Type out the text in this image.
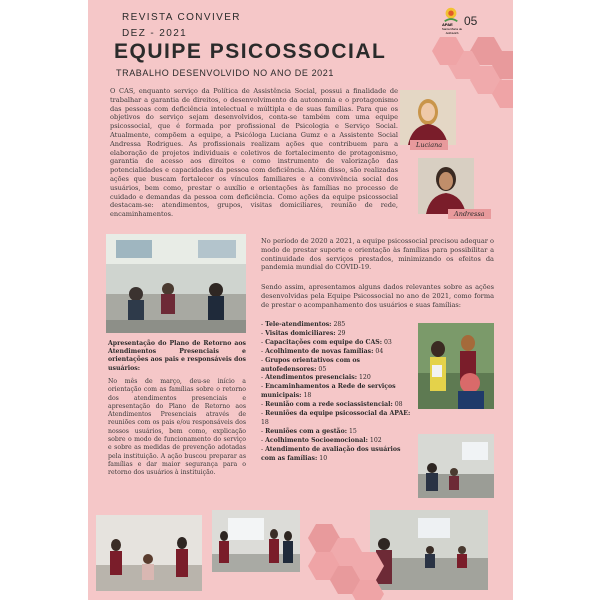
REVISTA CONVIVER
DEZ - 2021
EQUIPE PSICOSSOCIAL
TRABALHO DESENVOLVIDO NO ANO DE 2021
APAE
Santa Maria de Jetibá-ES
05
O CAS, enquanto serviço da Política de Assistência Social, possui a finalidade de trabalhar a garantia de direitos, o desenvolvimento da autonomia e o protagonismo das pessoas com deficiência intelectual e múltipla e de suas famílias. Para que os objetivos do serviço sejam desenvolvidos, conta-se também com uma equipe psicossocial, que é formada por profissional de Psicologia e Serviço Social. Atualmente, compõem a equipe, a Psicóloga Luciana Gumz e a Assistente Social Andressa Rodrigues. As profissionais realizam ações que contribuem para a elaboração de projetos individuais e coletivos de fortalecimento de protagonismo, garantia de acesso aos direitos e como instrumento de valorização das potencialidades e capacidades da pessoa com deficiência. Além disso, são realizadas ações que buscam fortalecer os vínculos familiares e a convivência social dos usuários, bem como, prestar o auxílio e orientações às famílias no processo de cuidado e demandas da pessoa com deficiência. Como ações da equipe psicossocial destacam-se: atendimentos, grupos, visitas domiciliares, reunião de rede, encaminhamentos.
Luciana
Andressa
No período de 2020 a 2021, a equipe psicossocial precisou adequar o modo de prestar suporte e orientação às famílias para possibilitar a continuidade dos serviços prestados, minimizando os efeitos da pandemia mundial do COVID-19.
Sendo assim, apresentamos alguns dados relevantes sobre as ações desenvolvidas pela Equipe Psicossocial no ano de 2021, como forma de prestar o acompanhamento dos usuários e suas famílias:
Apresentação do Plano de Retorno aos Atendimentos Presenciais e orientações aos pais e responsáveis dos usuários:
No mês de março, deu-se início a orientação com as famílias sobre o retorno dos atendimentos presenciais e apresentação do Plano de Retorno aos Atendimentos Presenciais através de reuniões com os pais e/ou responsáveis dos nossos usuários, bem como, explicação sobre o modo de funcionamento do serviço e sobre as medidas de prevenção adotadas pela instituição. A ação buscou preparar as famílias e dar maior segurança para o retorno dos usuários à instituição.
- Tele-atendimentos: 285
- Visitas domiciliares: 29
- Capacitações com equipe do CAS: 03
- Acolhimento de novas famílias: 04
- Grupos orientativos com os autofedensores: 05
- Atendimentos presenciais: 120
- Encaminhamentos a Rede de serviços municipais: 18
- Reunião com a rede sociassistencial: 08
- Reuniões da equipe psicossocial da APAE: 18
- Reuniões com a gestão: 15
- Acolhimento Socioemocional: 102
- Atendimento de avaliação dos usuários com as famílias: 10
